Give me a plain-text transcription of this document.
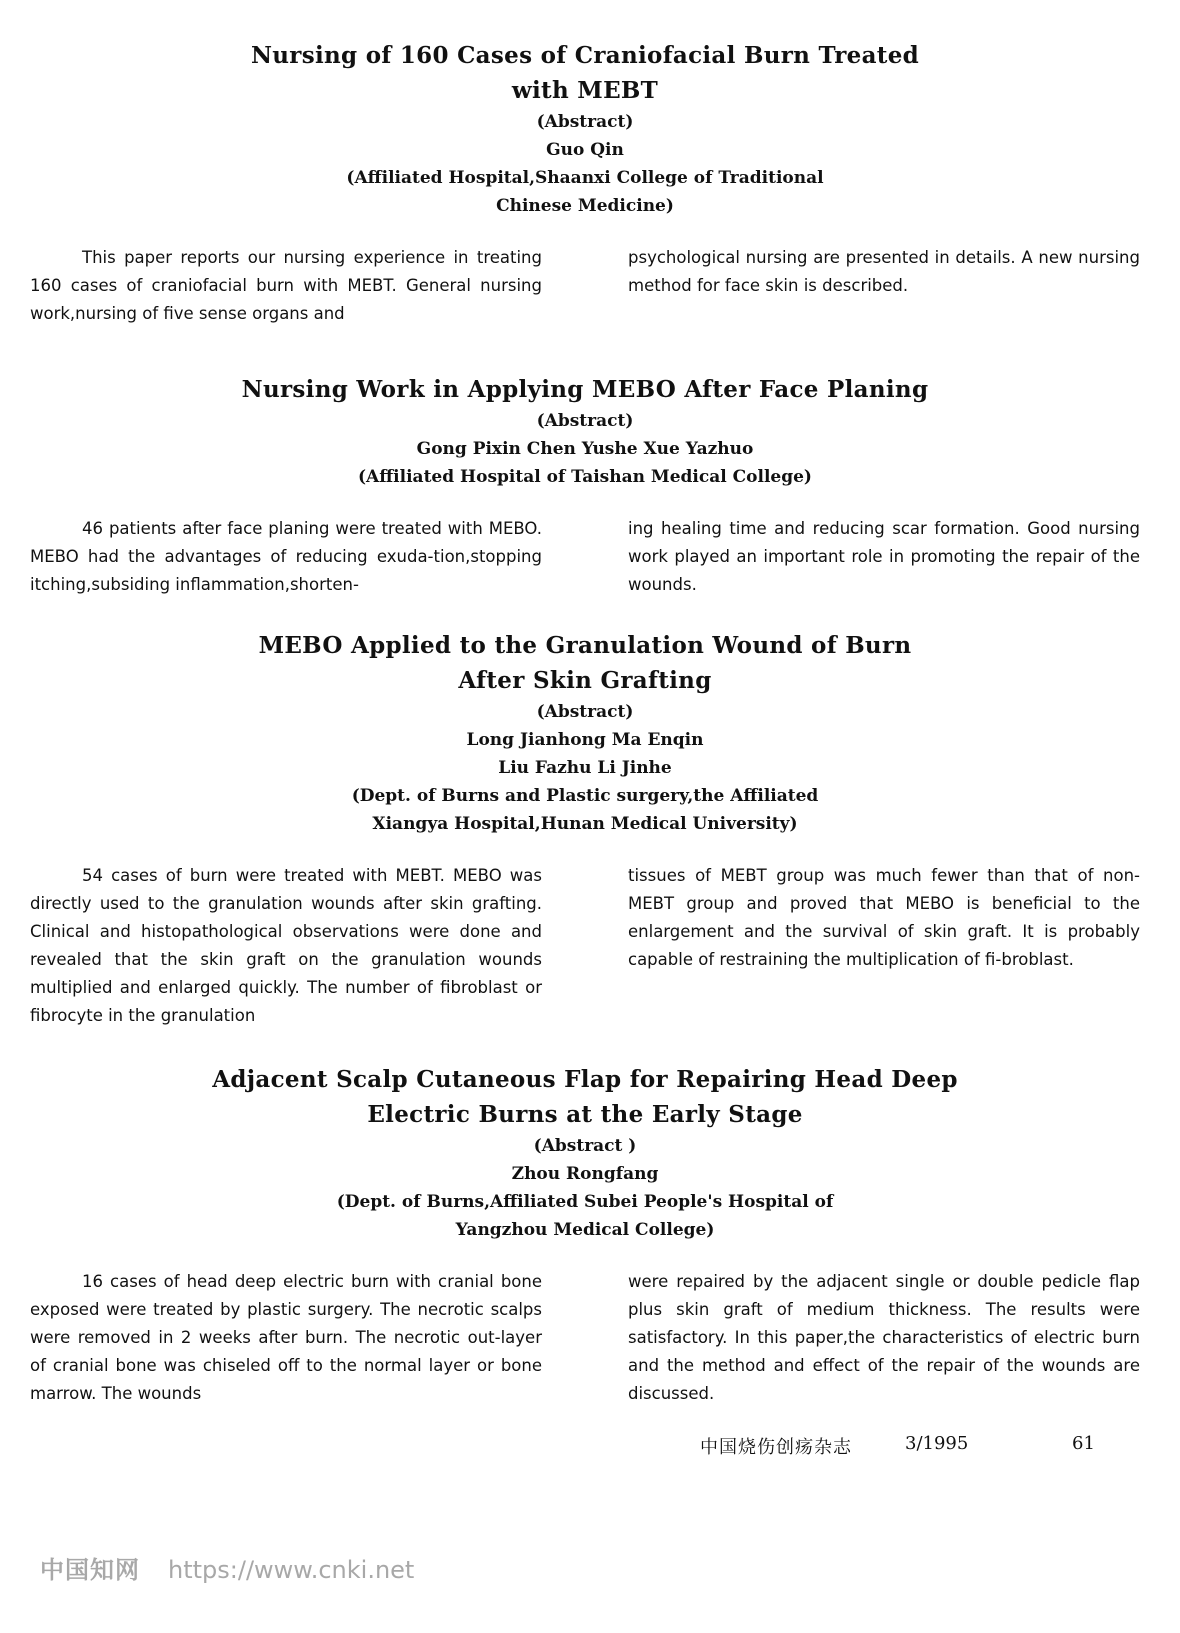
Nursing of 160 Cases of Craniofacial Burn Treated
with MEBT
(Abstract)
Guo Qin
(Affiliated Hospital,Shaanxi College of Traditional
Chinese Medicine)

This paper reports our nursing experience in treating 160 cases of craniofacial burn with MEBT. General nursing work,nursing of five sense organs and

psychological nursing are presented in details. A new nursing method for face skin is described.

Nursing Work in Applying MEBO After Face Planing
(Abstract)
Gong Pixin Chen Yushe Xue Yazhuo
(Affiliated Hospital of Taishan Medical College)

46 patients after face planing were treated with MEBO. MEBO had the advantages of reducing exuda-tion,stopping itching,subsiding inflammation,shorten-

ing healing time and reducing scar formation. Good nursing work played an important role in promoting the repair of the wounds.

MEBO Applied to the Granulation Wound of Burn
After Skin Grafting
(Abstract)
Long Jianhong Ma Enqin
Liu Fazhu Li Jinhe
(Dept. of Burns and Plastic surgery,the Affiliated
Xiangya Hospital,Hunan Medical University)

54 cases of burn were treated with MEBT. MEBO was directly used to the granulation wounds after skin grafting. Clinical and histopathological observations were done and revealed that the skin graft on the granulation wounds multiplied and enlarged quickly. The number of fibroblast or fibrocyte in the granulation

tissues of MEBT group was much fewer than that of non-MEBT group and proved that MEBO is beneficial to the enlargement and the survival of skin graft. It is probably capable of restraining the multiplication of fi-broblast.

Adjacent Scalp Cutaneous Flap for Repairing Head Deep
Electric Burns at the Early Stage
(Abstract )
Zhou Rongfang
(Dept. of Burns,Affiliated Subei People's Hospital of
Yangzhou Medical College)

16 cases of head deep electric burn with cranial bone exposed were treated by plastic surgery. The necrotic scalps were removed in 2 weeks after burn. The necrotic out-layer of cranial bone was chiseled off to the normal layer or bone marrow. The wounds

were repaired by the adjacent single or double pedicle flap plus skin graft of medium thickness. The results were satisfactory. In this paper,the characteristics of electric burn and the method and effect of the repair of the wounds are discussed.

中国烧伤创疡杂志	3/1995	61
中国知网 https://www.cnki.net
